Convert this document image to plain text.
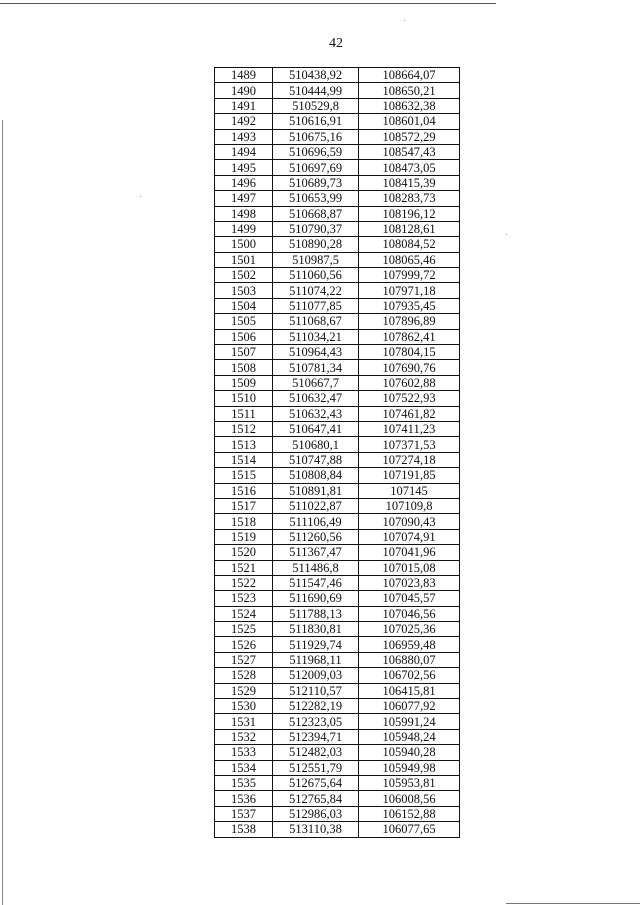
42
1489	510438,92	108664,07
1490	510444,99	108650,21
1491	510529,8	108632,38
1492	510616,91	108601,04
1493	510675,16	108572,29
1494	510696,59	108547,43
1495	510697,69	108473,05
1496	510689,73	108415,39
1497	510653,99	108283,73
1498	510668,87	108196,12
1499	510790,37	108128,61
1500	510890,28	108084,52
1501	510987,5	108065,46
1502	511060,56	107999,72
1503	511074,22	107971,18
1504	511077,85	107935,45
1505	511068,67	107896,89
1506	511034,21	107862,41
1507	510964,43	107804,15
1508	510781,34	107690,76
1509	510667,7	107602,88
1510	510632,47	107522,93
1511	510632,43	107461,82
1512	510647,41	107411,23
1513	510680,1	107371,53
1514	510747,88	107274,18
1515	510808,84	107191,85
1516	510891,81	107145
1517	511022,87	107109,8
1518	511106,49	107090,43
1519	511260,56	107074,91
1520	511367,47	107041,96
1521	511486,8	107015,08
1522	511547,46	107023,83
1523	511690,69	107045,57
1524	511788,13	107046,56
1525	511830,81	107025,36
1526	511929,74	106959,48
1527	511968,11	106880,07
1528	512009,03	106702,56
1529	512110,57	106415,81
1530	512282,19	106077,92
1531	512323,05	105991,24
1532	512394,71	105948,24
1533	512482,03	105940,28
1534	512551,79	105949,98
1535	512675,64	105953,81
1536	512765,84	106008,56
1537	512986,03	106152,88
1538	513110,38	106077,65
